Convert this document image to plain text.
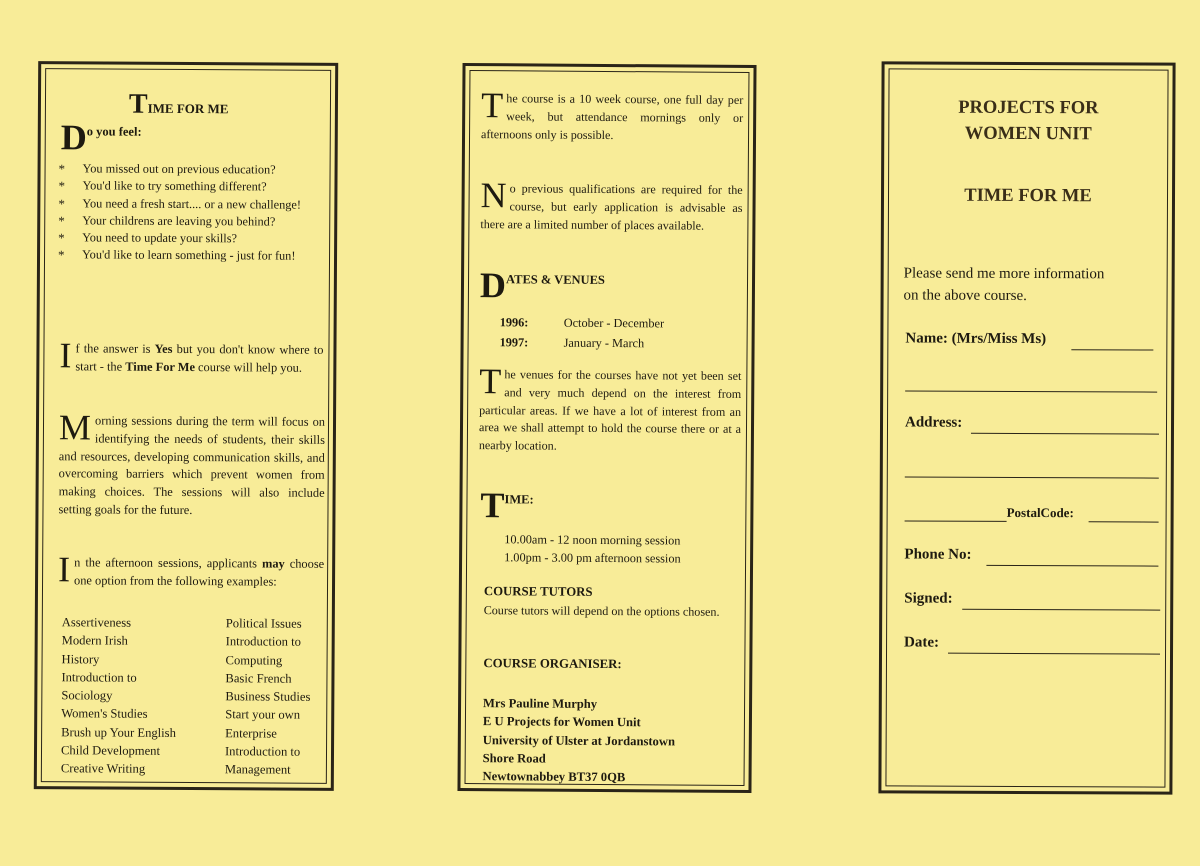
TIME FOR ME
$D^{o you feel:}$
* You missed out on previous education?
* You'd like to try something different?
* You need a fresh start.... or a new challenge!
* Your childrens are leaving you behind?
* You need to update your skills?
* You'd like to learn something - just for fun!
If the answer is Yes but you don't know where to start - the Time For Me course will help you.
Morning sessions during the term will focus on identifying the needs of students, their skills and resources, developing communication skills, and overcoming barriers which prevent women from making choices. The sessions will also include setting goals for the future.
In the afternoon sessions, applicants may choose one option from the following examples:
Assertiveness
Modern Irish
History
Introduction to
Sociology
Women's Studies
Brush up Your English
Child Development
Creative Writing
Political Issues
Introduction to
Computing
Basic French
Business Studies
Start your own
Enterprise
Introduction to
Management
The course is a 10 week course, one full day per week, but attendance mornings only or afternoons only is possible.
No previous qualifications are required for the course, but early application is advisable as there are a limited number of places available.
$D^{ATES \& VENUES}$
1996:	October - December
1997:	January - March
The venues for the courses have not yet been set and very much depend on the interest from particular areas. If we have a lot of interest from an area we shall attempt to hold the course there or at a nearby location.
$T^{IME:}$
10.00am - 12 noon morning session
1.00pm - 3.00 pm afternoon session
COURSE TUTORS
Course tutors will depend on the options chosen.
COURSE ORGANISER:
Mrs Pauline Murphy
E U Projects for Women Unit
University of Ulster at Jordanstown
Shore Road
Newtownabbey BT37 0QB
PROJECTS FOR
WOMEN UNIT
TIME FOR ME
Please send me more information
on the above course.
Name: (Mrs/Miss Ms)
Address:
PostalCode:
Phone No:
Signed:
Date:
